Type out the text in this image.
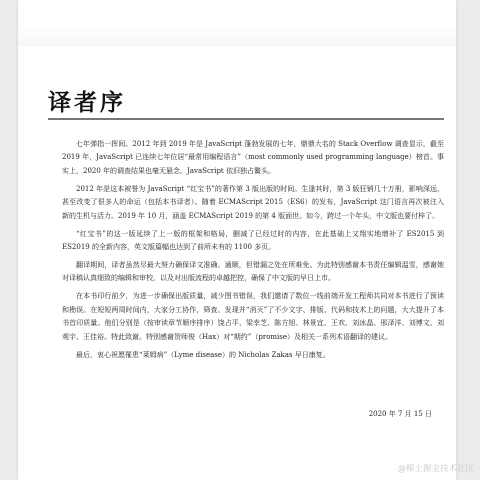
译者序

七年弹指一挥间。2012 年到 2019 年是 JavaScript 蓬勃发展的七年，鼎鼎大名的 Stack Overflow 调查显示，截至 2019 年，JavaScript 已连续七年位居“最常用编程语言”（most commonly used programming language）榜首。事实上，2020 年的调查结果也毫无悬念，JavaScript 依旧独占鳌头。

2012 年是这本被誉为 JavaScript “红宝书”的著作第 3 版出版的时间。生逢其时，第 3 版狂销几十万册，影响深远，甚至改变了很多人的命运（包括本书译者）。随着 ECMAScript 2015（ES6）的发布，JavaScript 这门语言再次被注入新的生机与活力。2019 年 10 月，涵盖 ECMAScript 2019 的第 4 版面世。如今，跨过一个年头，中文版也要付梓了。

“红宝书”的这一版延续了上一版的框架和格局，删减了已经过时的内容，在此基础上又翔实地增补了 ES2015 到 ES2019 的全新内容，英文版篇幅也达到了前所未有的 1100 多页。

翻译期间，译者虽然尽最大努力确保译文准确、通顺，但错漏之处在所难免。为此特别感谢本书责任编辑温雪，感谢她对译稿认真细致的编辑和审校，以及对出版流程的卓越把控，确保了中文版的早日上市。

在本书印行前夕，为进一步确保出版质量，减少图书错误，我们邀请了数位一线前端开发工程师共同对本书进行了预读和勘误。在短短两周时间内，大家分工协作，筛查、发现并“消灭”了不少文字、排版、代码和技术上的问题，大大提升了本书首印质量。他们分别是（按审读章节顺序排序）饶占平、梁幸芝、陈方旭、林景宜、王欢、刘冰晶、邢泽洋、刘博文、刘观宇、王佳裕。特此致谢。特别感谢贺师俊（Hax）对“期约”（promise）及相关一系列术语翻译的建议。

最后，衷心祝愿罹患“莱姆病”（Lyme disease）的 Nicholas Zakas 早日康复。

2020 年 7 月 15 日
@稀土掘金技术社区
